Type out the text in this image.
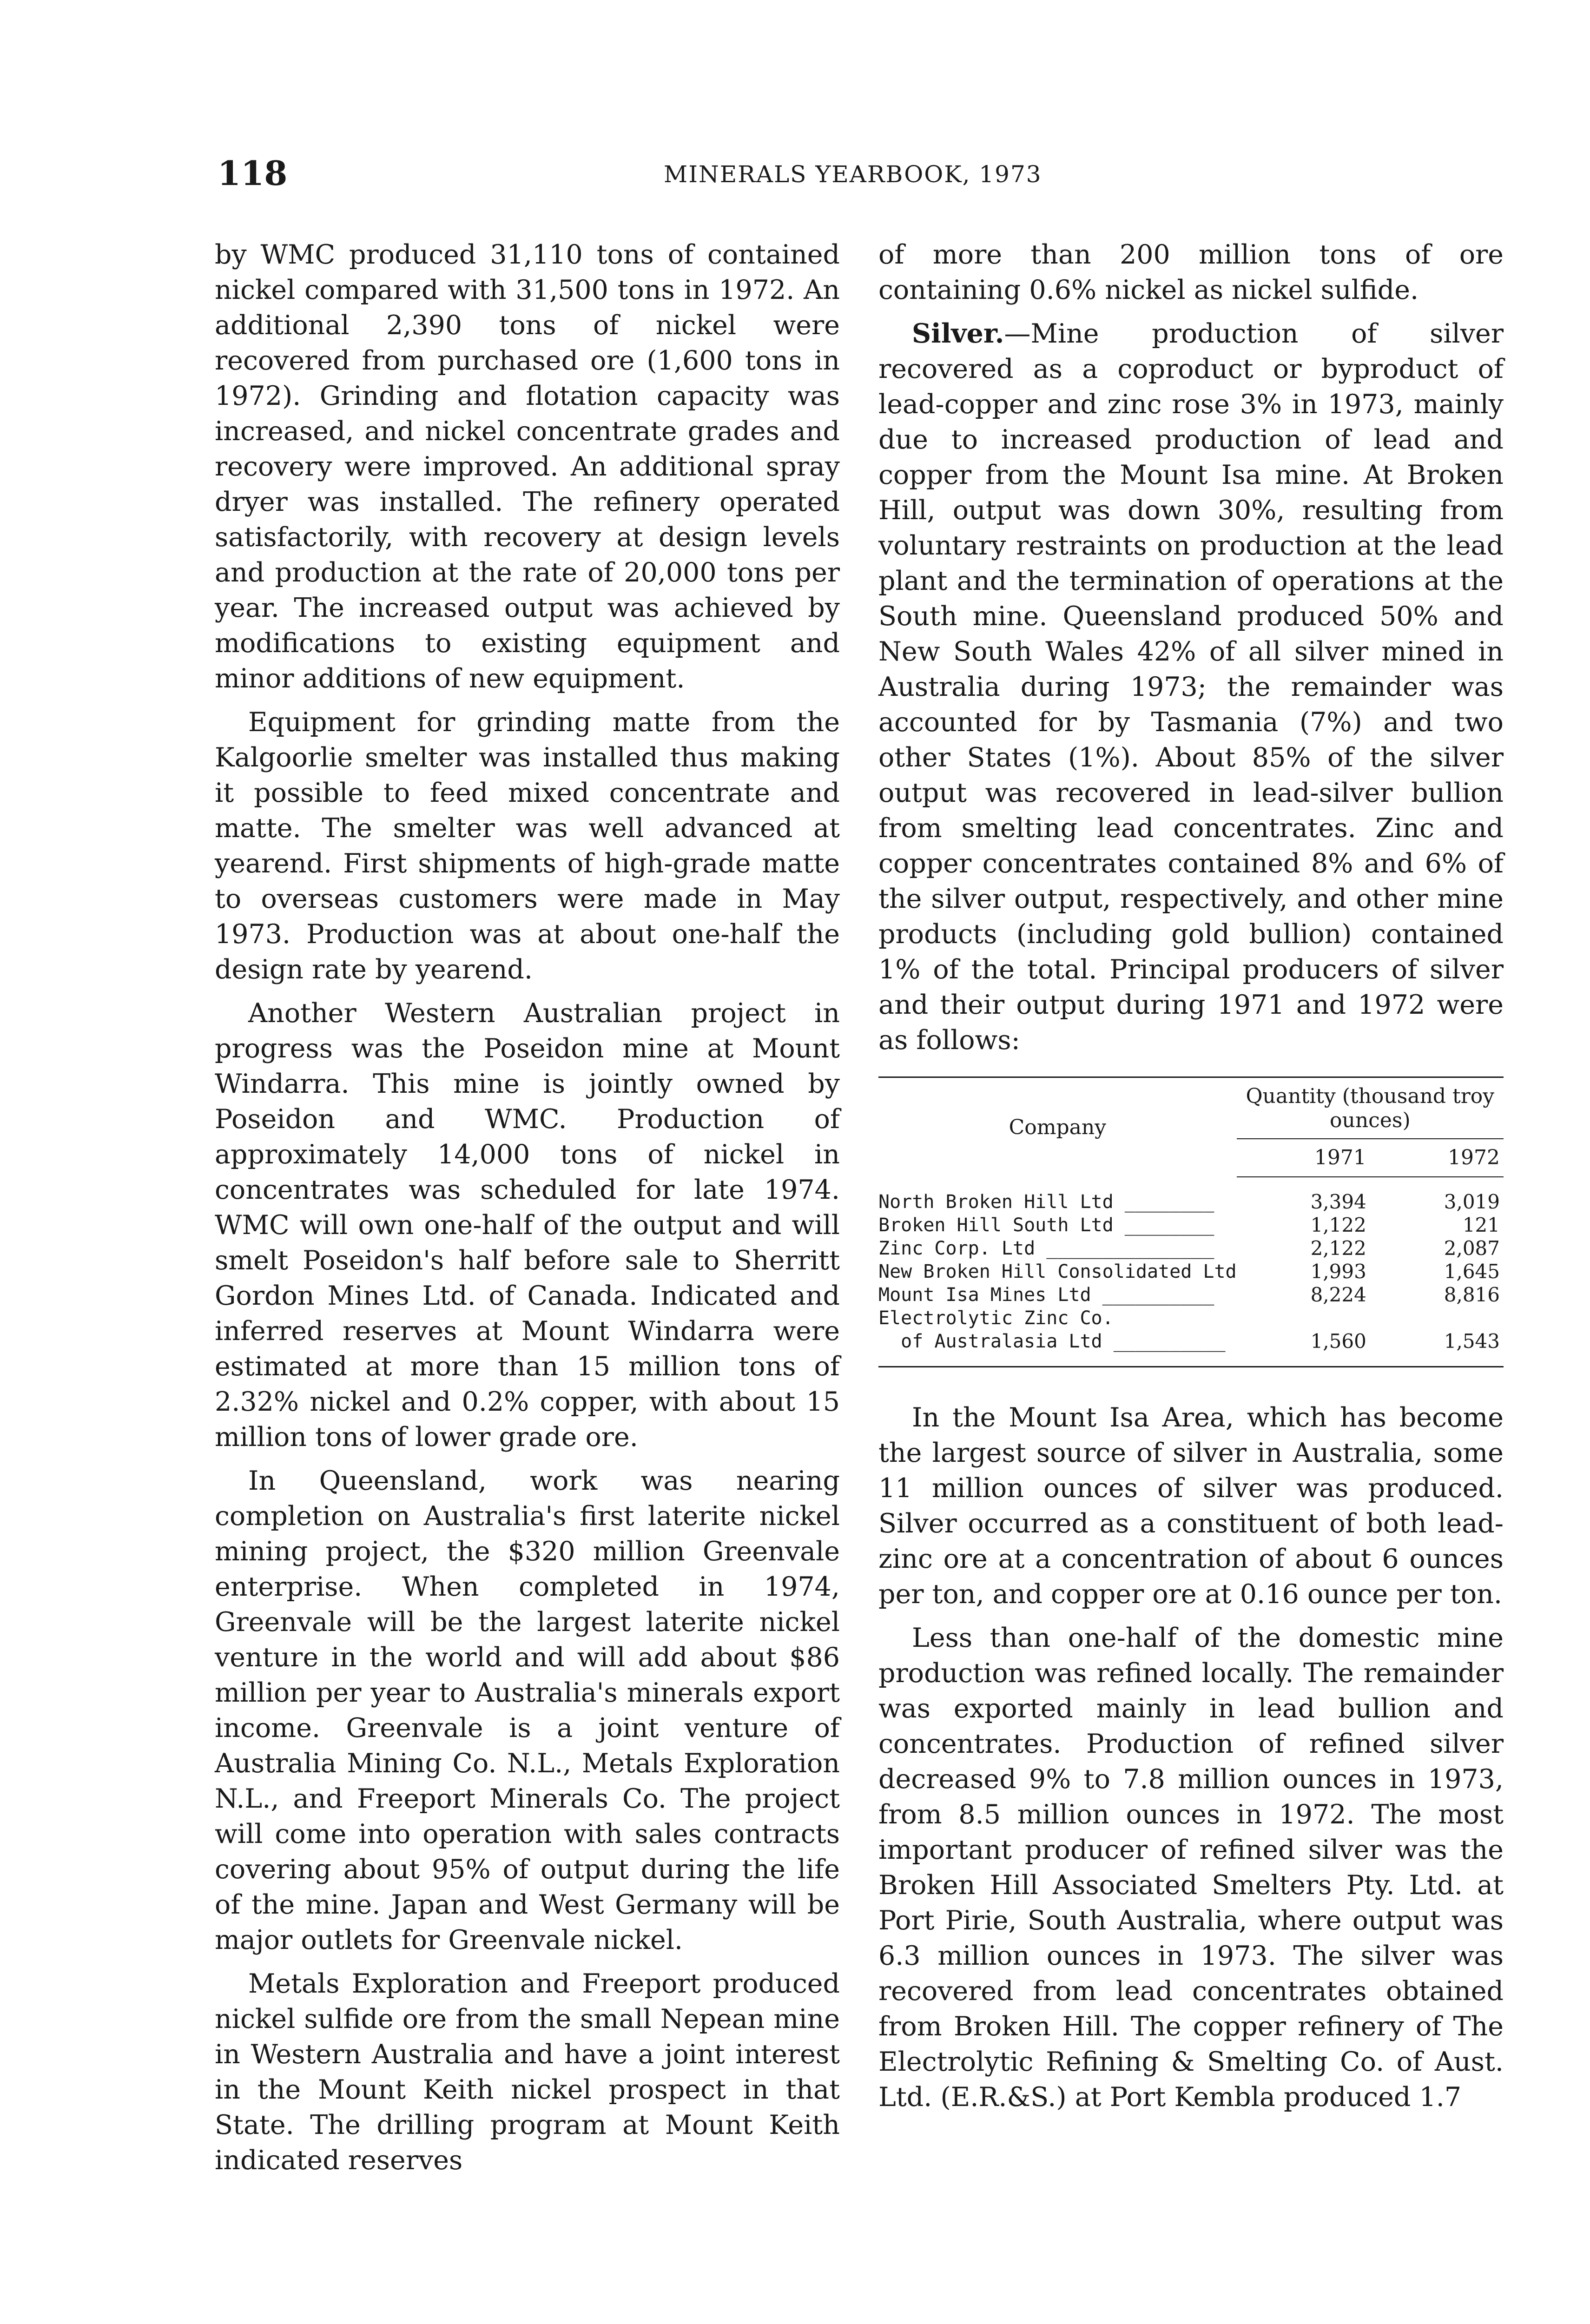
118	MINERALS YEARBOOK, 1973

by WMC produced 31,110 tons of contained nickel compared with 31,500 tons in 1972. An additional 2,390 tons of nickel were recovered from purchased ore (1,600 tons in 1972). Grinding and flotation capacity was increased, and nickel concentrate grades and recovery were improved. An additional spray dryer was installed. The refinery operated satisfactorily, with recovery at design levels and production at the rate of 20,000 tons per year. The increased output was achieved by modifications to existing equipment and minor additions of new equipment.

Equipment for grinding matte from the Kalgoorlie smelter was installed thus making it possible to feed mixed concentrate and matte. The smelter was well advanced at yearend. First shipments of high-grade matte to overseas customers were made in May 1973. Production was at about one-half the design rate by yearend.

Another Western Australian project in progress was the Poseidon mine at Mount Windarra. This mine is jointly owned by Poseidon and WMC. Production of approximately 14,000 tons of nickel in concentrates was scheduled for late 1974. WMC will own one-half of the output and will smelt Poseidon's half before sale to Sherritt Gordon Mines Ltd. of Canada. Indicated and inferred reserves at Mount Windarra were estimated at more than 15 million tons of 2.32% nickel and 0.2% copper, with about 15 million tons of lower grade ore.

In Queensland, work was nearing completion on Australia's first laterite nickel mining project, the $320 million Greenvale enterprise. When completed in 1974, Greenvale will be the largest laterite nickel venture in the world and will add about $86 million per year to Australia's minerals export income. Greenvale is a joint venture of Australia Mining Co. N.L., Metals Exploration N.L., and Freeport Minerals Co. The project will come into operation with sales contracts covering about 95% of output during the life of the mine. Japan and West Germany will be major outlets for Greenvale nickel.

Metals Exploration and Freeport produced nickel sulfide ore from the small Nepean mine in Western Australia and have a joint interest in the Mount Keith nickel prospect in that State. The drilling program at Mount Keith indicated reserves

of more than 200 million tons of ore containing 0.6% nickel as nickel sulfide.

Silver.—Mine production of silver recovered as a coproduct or byproduct of lead-copper and zinc rose 3% in 1973, mainly due to increased production of lead and copper from the Mount Isa mine. At Broken Hill, output was down 30%, resulting from voluntary restraints on production at the lead plant and the termination of operations at the South mine. Queensland produced 50% and New South Wales 42% of all silver mined in Australia during 1973; the remainder was accounted for by Tasmania (7%) and two other States (1%). About 85% of the silver output was recovered in lead-silver bullion from smelting lead concentrates. Zinc and copper concentrates contained 8% and 6% of the silver output, respectively, and other mine products (including gold bullion) contained 1% of the total. Principal producers of silver and their output during 1971 and 1972 were as follows:

Company	Quantity (thousand troy ounces)	
	1971	1972
North Broken Hill Ltd ________	3,394	3,019
Broken Hill South Ltd ________	1,122	121
Zinc Corp. Ltd _______________	2,122	2,087
New Broken Hill Consolidated Ltd	1,993	1,645
Mount Isa Mines Ltd __________	8,224	8,816
Electrolytic Zinc Co.		
of Australasia Ltd __________	1,560	1,543

In the Mount Isa Area, which has become the largest source of silver in Australia, some 11 million ounces of silver was produced. Silver occurred as a constituent of both lead-zinc ore at a concentration of about 6 ounces per ton, and copper ore at 0.16 ounce per ton.

Less than one-half of the domestic mine production was refined locally. The remainder was exported mainly in lead bullion and concentrates. Production of refined silver decreased 9% to 7.8 million ounces in 1973, from 8.5 million ounces in 1972. The most important producer of refined silver was the Broken Hill Associated Smelters Pty. Ltd. at Port Pirie, South Australia, where output was 6.3 million ounces in 1973. The silver was recovered from lead concentrates obtained from Broken Hill. The copper refinery of The Electrolytic Refining & Smelting Co. of Aust. Ltd. (E.R.&S.) at Port Kembla produced 1.7
